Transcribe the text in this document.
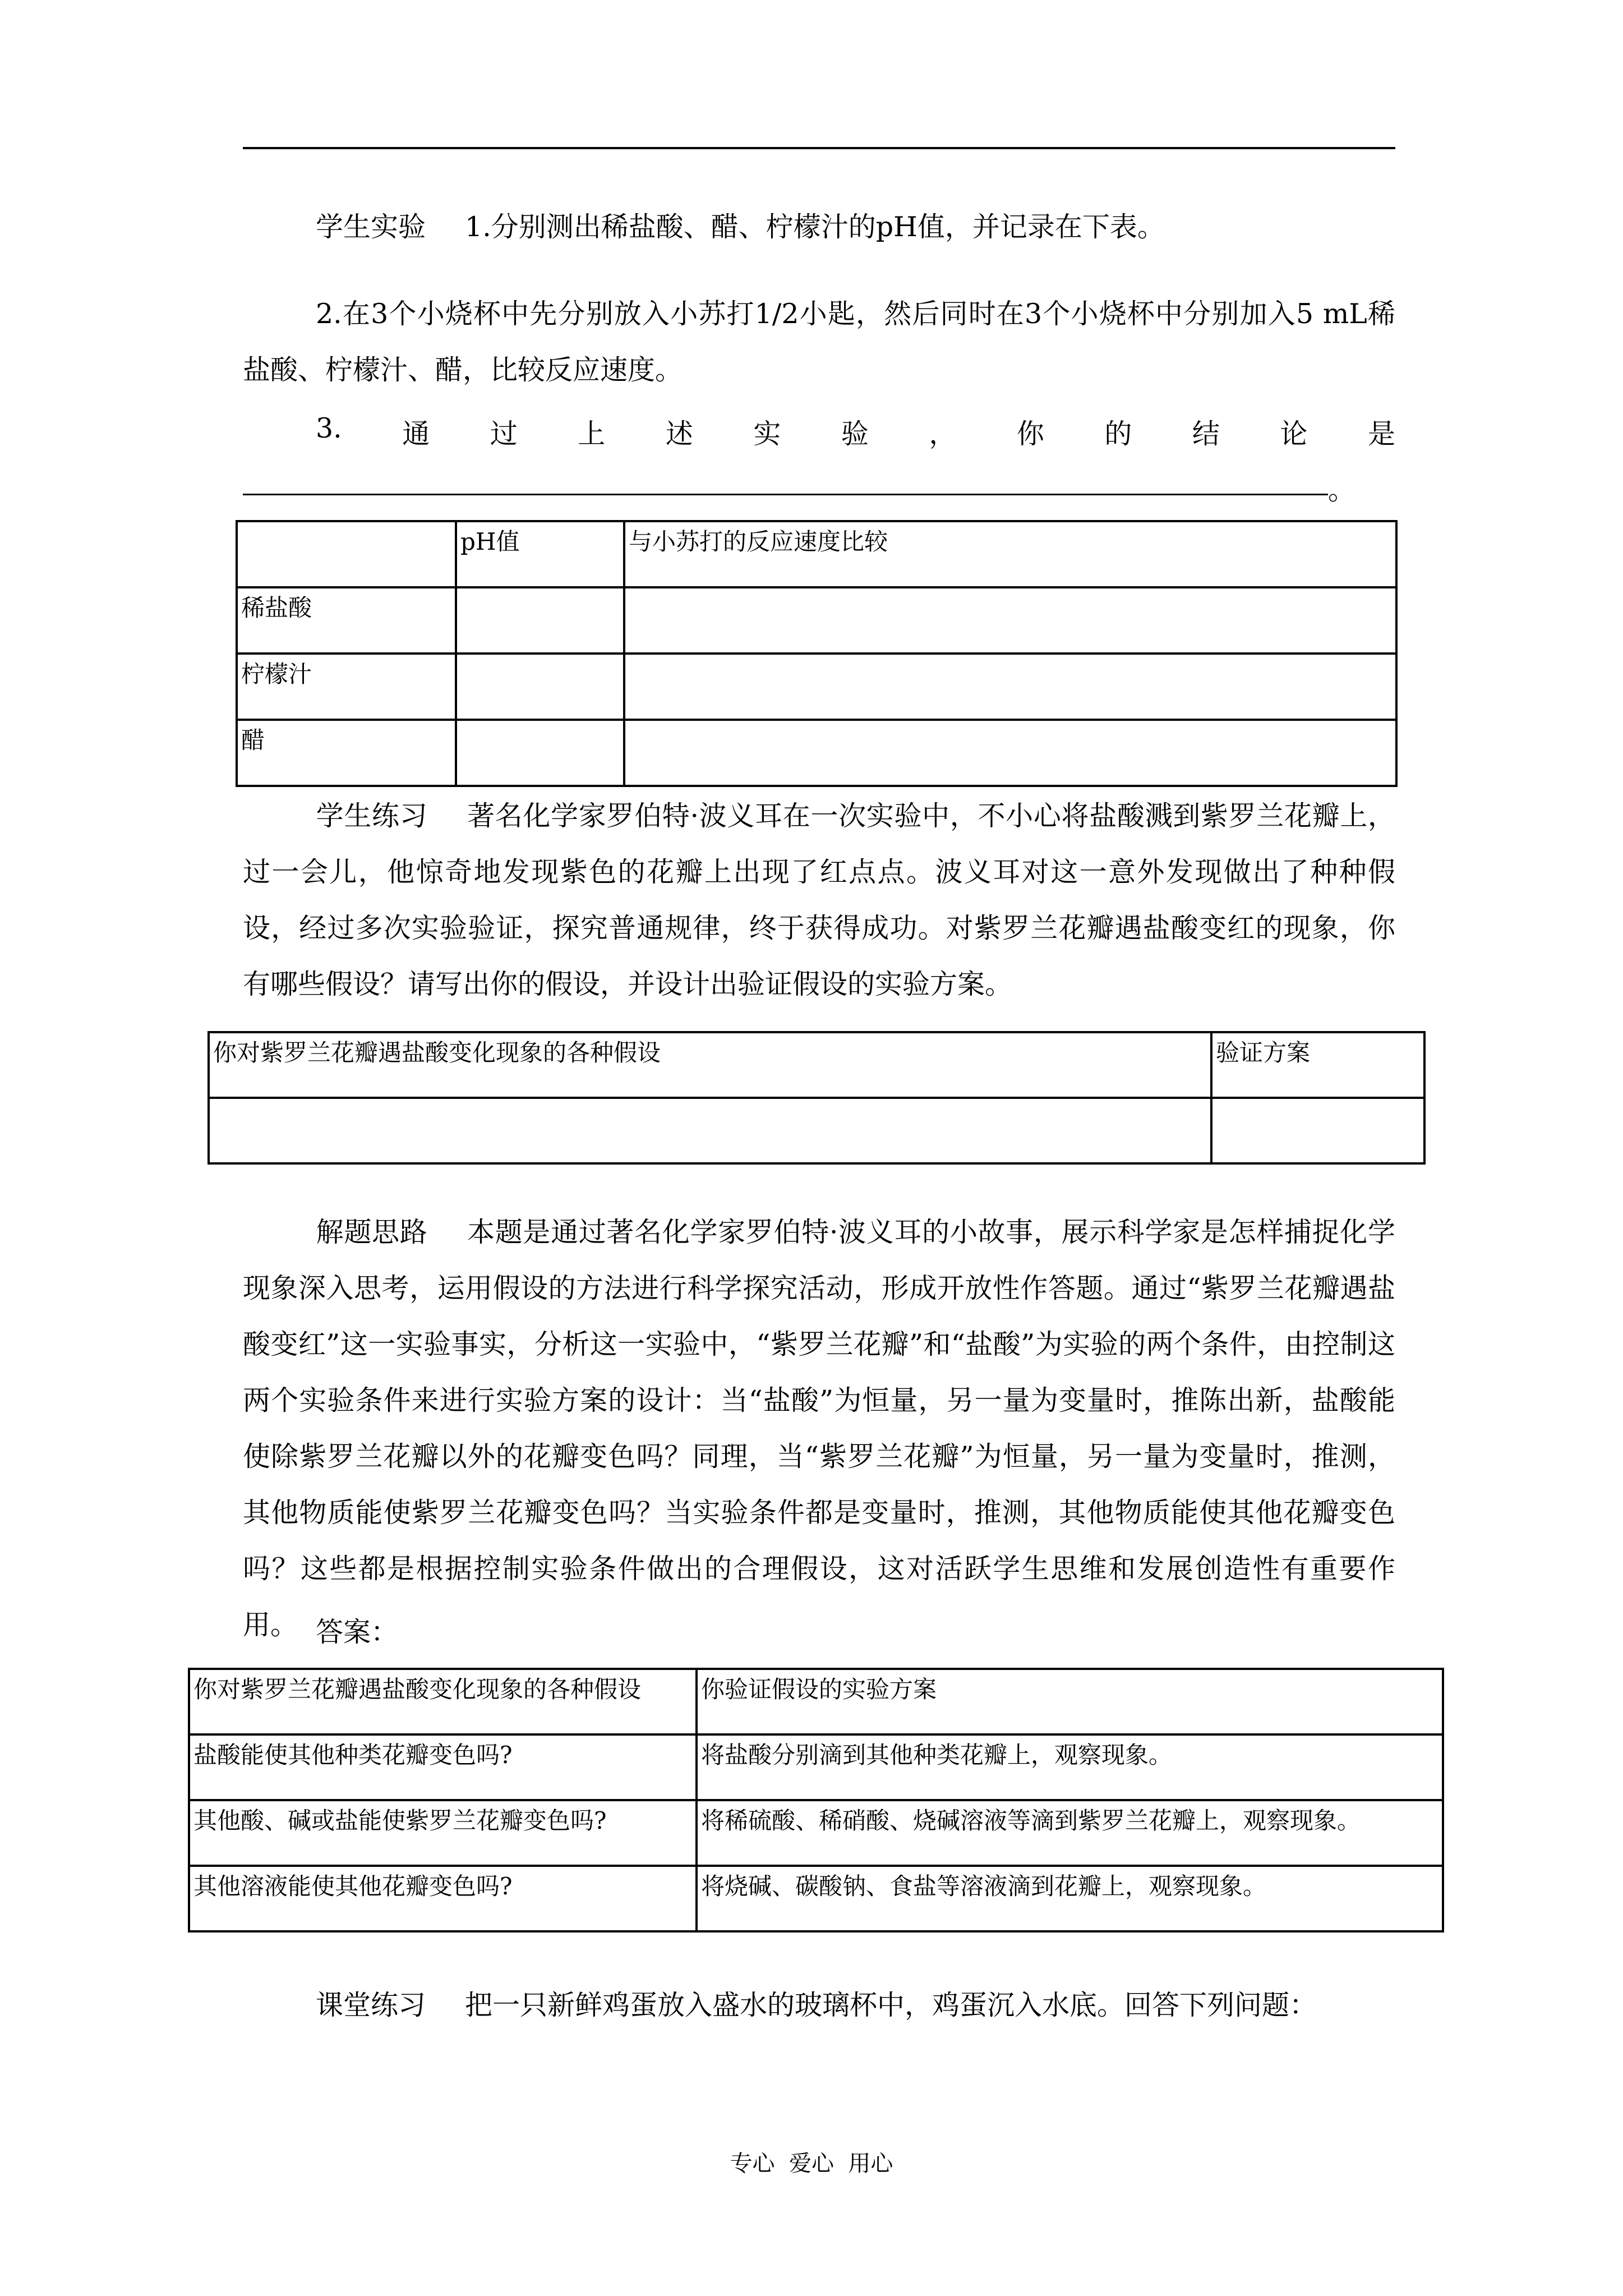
学生实验 1.分别测出稀盐酸、醋、柠檬汁的pH值，并记录在下表。
2.在3个小烧杯中先分别放入小苏打1/2小匙，然后同时在3个小烧杯中分别加入5 mL稀盐酸、柠檬汁、醋，比较反应速度。
3. 通 过 上 述 实 验 ， 你 的 结 论 是
。
	pH值	与小苏打的反应速度比较
稀盐酸		
柠檬汁		
醋		
学生练习 著名化学家罗伯特·波义耳在一次实验中，不小心将盐酸溅到紫罗兰花瓣上，过一会儿，他惊奇地发现紫色的花瓣上出现了红点点。波义耳对这一意外发现做出了种种假设，经过多次实验验证，探究普通规律，终于获得成功。对紫罗兰花瓣遇盐酸变红的现象，你有哪些假设？请写出你的假设，并设计出验证假设的实验方案。
你对紫罗兰花瓣遇盐酸变化现象的各种假设	验证方案

解题思路 本题是通过著名化学家罗伯特·波义耳的小故事，展示科学家是怎样捕捉化学现象深入思考，运用假设的方法进行科学探究活动，形成开放性作答题。通过“紫罗兰花瓣遇盐酸变红”这一实验事实，分析这一实验中，“紫罗兰花瓣”和“盐酸”为实验的两个条件，由控制这两个实验条件来进行实验方案的设计：当“盐酸”为恒量，另一量为变量时，推陈出新，盐酸能使除紫罗兰花瓣以外的花瓣变色吗？同理，当“紫罗兰花瓣”为恒量，另一量为变量时，推测，其他物质能使紫罗兰花瓣变色吗？当实验条件都是变量时，推测，其他物质能使其他花瓣变色吗？这些都是根据控制实验条件做出的合理假设，这对活跃学生思维和发展创造性有重要作用。 答案：
你对紫罗兰花瓣遇盐酸变化现象的各种假设	你验证假设的实验方案
盐酸能使其他种类花瓣变色吗?	将盐酸分别滴到其他种类花瓣上，观察现象。
其他酸、碱或盐能使紫罗兰花瓣变色吗?	将稀硫酸、稀硝酸、烧碱溶液等滴到紫罗兰花瓣上，观察现象。
其他溶液能使其他花瓣变色吗?	将烧碱、碳酸钠、食盐等溶液滴到花瓣上，观察现象。
课堂练习 把一只新鲜鸡蛋放入盛水的玻璃杯中，鸡蛋沉入水底。回答下列问题：
专心  爱心  用心
